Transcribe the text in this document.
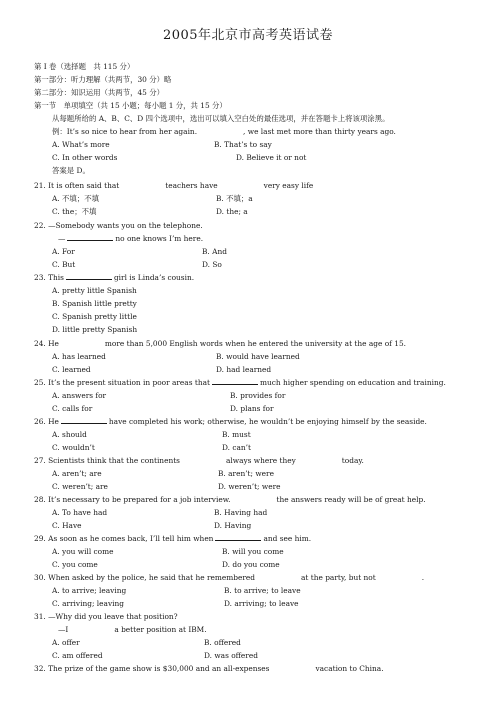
2005年北京市高考英语试卷
第 I 卷（选择题　共 115 分）
第一部分：听力理解（共两节，30 分）略
第二部分：知识运用（共两节，45 分）
第一节　单项填空（共 15 小题；每小题 1 分，共 15 分）
从每题所给的 A、B、C、D 四个选项中，选出可以填入空白处的最佳选项，并在答题卡上将该项涂黑。
例：It’s so nice to hear from her again.	, we last met more than thirty years ago.
A. What’s more	B. That’s to say
C. In other words	D. Believe it or not
答案是 D。
21. It is often said that	teachers have	very easy life
A. 不填；不填	B. 不填；a
C. the；不填	D. the; a
22. —Somebody wants you on the telephone.
—	no one knows I’m here.
A. For	B. And
C. But	D. So
23. This	girl is Linda’s cousin.
A. pretty little Spanish
B. Spanish little pretty
C. Spanish pretty little
D. little pretty Spanish
24. He	more than 5,000 English words when he entered the university at the age of 15.
A. has learned	B. would have learned
C. learned	D. had learned
25. It’s the present situation in poor areas that	much higher spending on education and training.
A. answers for	B. provides for
C. calls for	D. plans for
26. He	have completed his work; otherwise, he wouldn’t be enjoying himself by the seaside.
A. should	B. must
C. wouldn’t	D. can’t
27. Scientists think that the continents	always where they	today.
A. aren’t; are	B. aren’t; were
C. weren’t; are	D. weren’t; were
28. It’s necessary to be prepared for a job interview.	the answers ready will be of great help.
A. To have had	B. Having had
C. Have	D. Having
29. As soon as he comes back, I’ll tell him when	and see him.
A. you will come	B. will you come
C. you come	D. do you come
30. When asked by the police, he said that he remembered	at the party, but not	.
A. to arrive; leaving	B. to arrive; to leave
C. arriving; leaving	D. arriving; to leave
31. —Why did you leave that position?
—I	a better position at IBM.
A. offer	B. offered
C. am offered	D. was offered
32. The prize of the game show is $30,000 and an all-expenses	vacation to China.
